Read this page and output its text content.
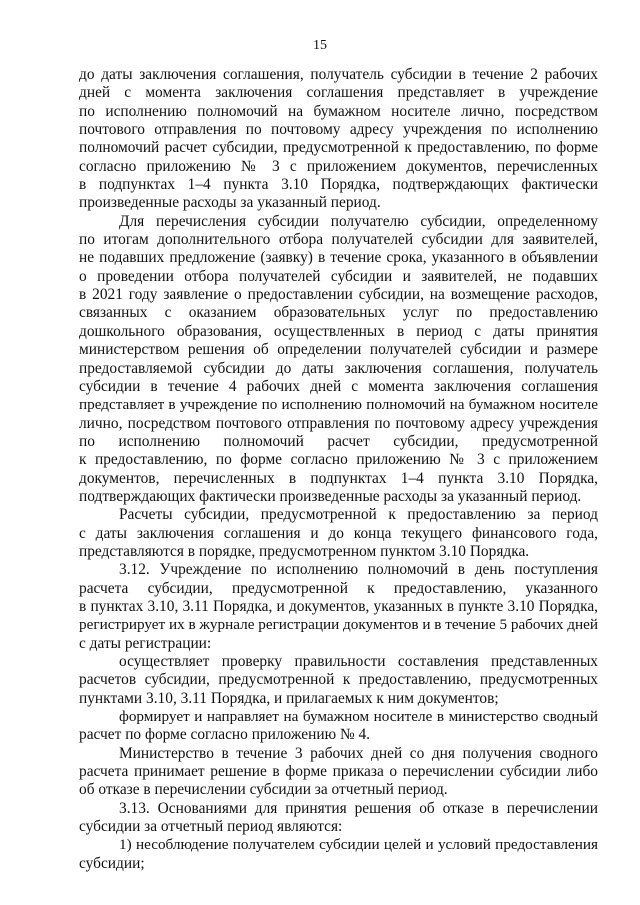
15
до даты заключения соглашения, получатель субсидии в течение 2 рабочих
дней с момента заключения соглашения представляет в учреждение
по исполнению полномочий на бумажном носителе лично, посредством
почтового отправления по почтовому адресу учреждения по исполнению
полномочий расчет субсидии, предусмотренной к предоставлению, по форме
согласно приложению № 3 с приложением документов, перечисленных
в подпунктах 1–4 пункта 3.10 Порядка, подтверждающих фактически
произведенные расходы за указанный период.
Для перечисления субсидии получателю субсидии, определенному
по итогам дополнительного отбора получателей субсидии для заявителей,
не подавших предложение (заявку) в течение срока, указанного в объявлении
о проведении отбора получателей субсидии и заявителей, не подавших
в 2021 году заявление о предоставлении субсидии, на возмещение расходов,
связанных с оказанием образовательных услуг по предоставлению
дошкольного образования, осуществленных в период с даты принятия
министерством решения об определении получателей субсидии и размере
предоставляемой субсидии до даты заключения соглашения, получатель
субсидии в течение 4 рабочих дней с момента заключения соглашения
представляет в учреждение по исполнению полномочий на бумажном носителе
лично, посредством почтового отправления по почтовому адресу учреждения
по исполнению полномочий расчет субсидии, предусмотренной
к предоставлению, по форме согласно приложению № 3 с приложением
документов, перечисленных в подпунктах 1–4 пункта 3.10 Порядка,
подтверждающих фактически произведенные расходы за указанный период.
Расчеты субсидии, предусмотренной к предоставлению за период
с даты заключения соглашения и до конца текущего финансового года,
представляются в порядке, предусмотренном пунктом 3.10 Порядка.
3.12. Учреждение по исполнению полномочий в день поступления
расчета субсидии, предусмотренной к предоставлению, указанного
в пунктах 3.10, 3.11 Порядка, и документов, указанных в пункте 3.10 Порядка,
регистрирует их в журнале регистрации документов и в течение 5 рабочих дней
с даты регистрации:
осуществляет проверку правильности составления представленных
расчетов субсидии, предусмотренной к предоставлению, предусмотренных
пунктами 3.10, 3.11 Порядка, и прилагаемых к ним документов;
формирует и направляет на бумажном носителе в министерство сводный
расчет по форме согласно приложению № 4.
Министерство в течение 3 рабочих дней со дня получения сводного
расчета принимает решение в форме приказа о перечислении субсидии либо
об отказе в перечислении субсидии за отчетный период.
3.13. Основаниями для принятия решения об отказе в перечислении
субсидии за отчетный период являются:
1) несоблюдение получателем субсидии целей и условий предоставления
субсидии;
